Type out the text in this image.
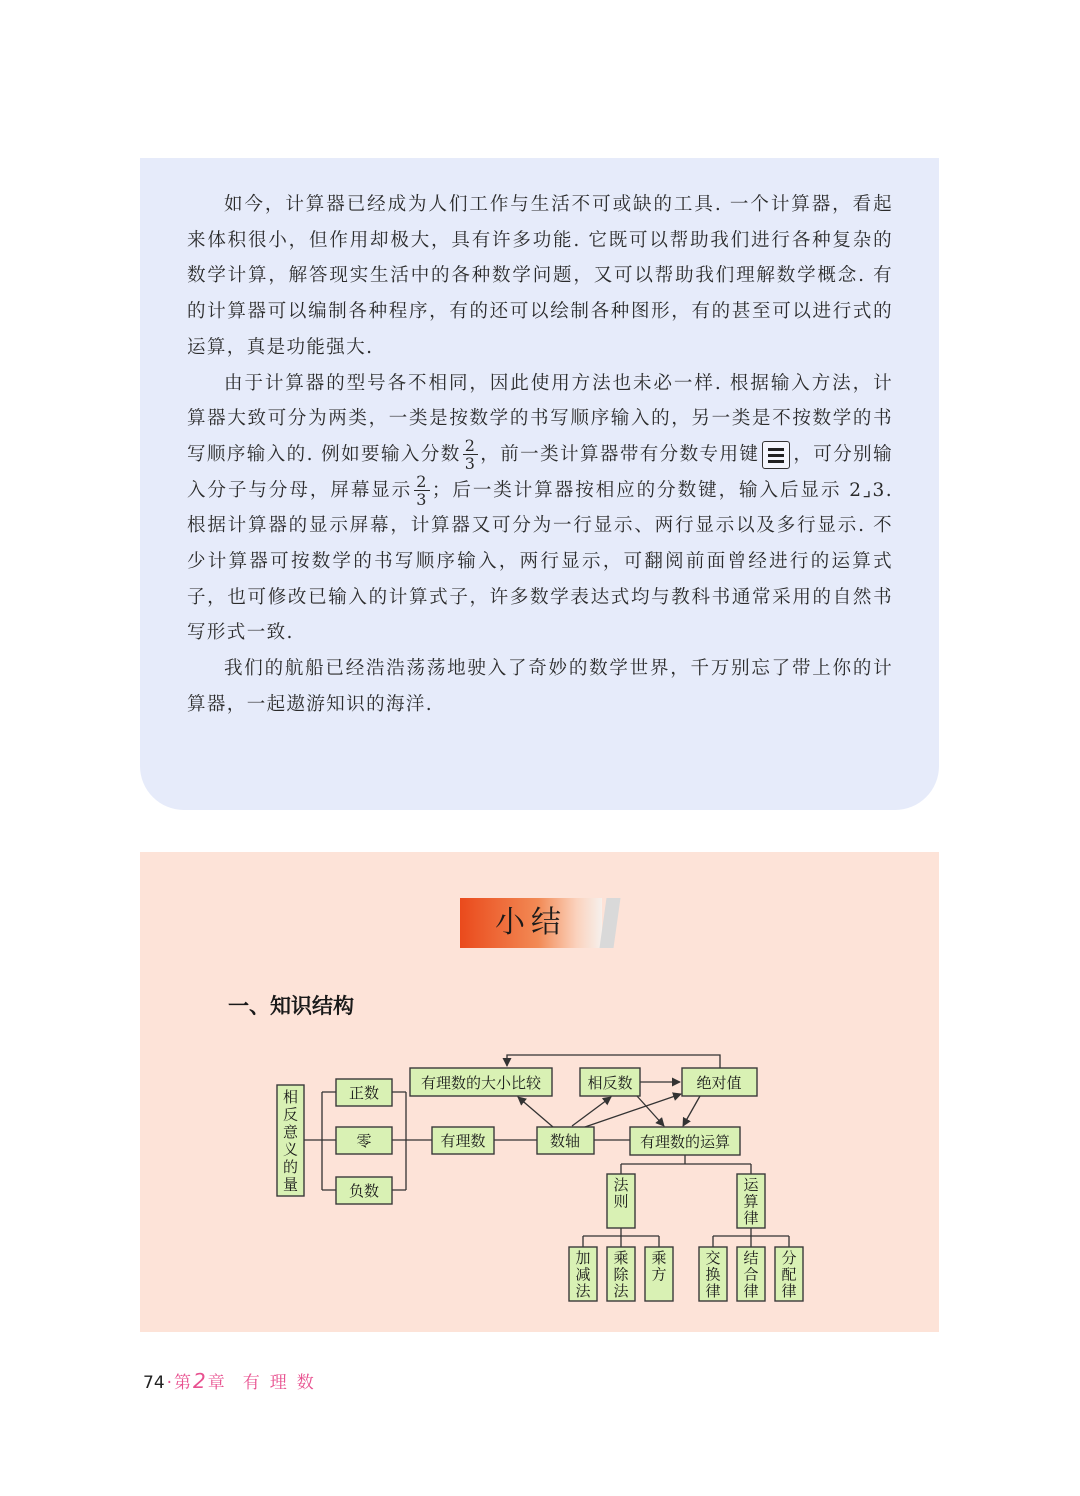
如今，计算器已经成为人们工作与生活不可或缺的工具. 一个计算器，看起来体积很小，但作用却极大，具有许多功能. 它既可以帮助我们进行各种复杂的数学计算，解答现实生活中的各种数学问题，又可以帮助我们理解数学概念. 有的计算器可以编制各种程序，有的还可以绘制各种图形，有的甚至可以进行式的运算，真是功能强大.

由于计算器的型号各不相同，因此使用方法也未必一样. 根据输入方法，计算器大致可分为两类，一类是按数学的书写顺序输入的，另一类是不按数学的书写顺序输入的. 例如要输入分数 $\frac{2}{3}$ ，前一类计算器带有分数专用键 ，可分别输入分子与分母，屏幕显示 $\frac{2}{3}$ ；后一类计算器按相应的分数键，输入后显示 2⌟3. 根据计算器的显示屏幕，计算器又可分为一行显示、两行显示以及多行显示. 不少计算器可按数学的书写顺序输入，两行显示，可翻阅前面曾经进行的运算式子，也可修改已输入的计算式子，许多数学表达式均与教科书通常采用的自然书写形式一致.

我们的航船已经浩浩荡荡地驶入了奇妙的数学世界，千万别忘了带上你的计算器，一起遨游知识的海洋.

小结
一、知识结构
相反意义的量
正数
零
负数
有理数	数轴
有理数的大小比较	相反数	绝对值
有理数的运算
法则
运算律
加减法
乘除法
乘方
交换律
结合律
分配律
74 · 第2章 有理数
